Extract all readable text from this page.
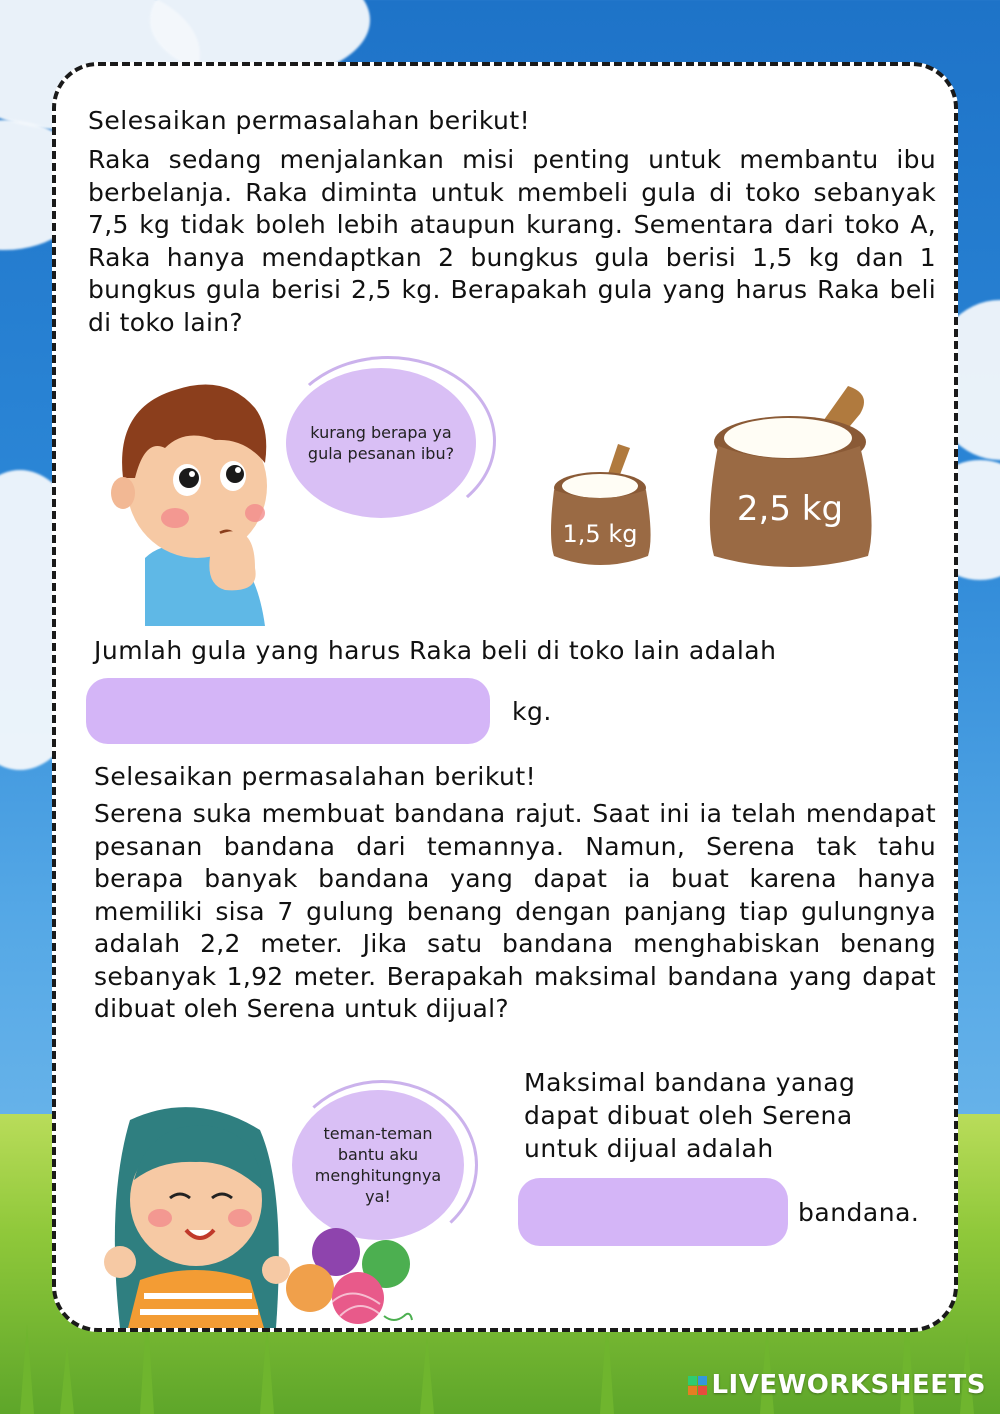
Selesaikan permasalahan berikut!
Raka sedang menjalankan misi penting untuk membantu ibu berbelanja. Raka diminta untuk membeli gula di toko sebanyak 7,5 kg tidak boleh lebih ataupun kurang. Sementara dari toko A, Raka hanya mendaptkan 2 bungkus gula berisi 1,5 kg dan 1 bungkus gula berisi 2,5 kg. Berapakah gula yang harus Raka beli di toko lain?
kurang berapa ya gula pesanan ibu?
1,5 kg
2,5 kg
Jumlah gula yang harus Raka beli di toko lain adalah
kg.
Selesaikan permasalahan berikut!
Serena suka membuat bandana rajut. Saat ini ia telah mendapat pesanan bandana dari temannya. Namun, Serena tak tahu berapa banyak bandana yang dapat ia buat karena hanya memiliki sisa 7 gulung benang dengan panjang tiap gulungnya adalah 2,2 meter. Jika satu bandana menghabiskan benang sebanyak 1,92 meter. Berapakah maksimal bandana yang dapat dibuat oleh Serena untuk dijual?
teman-teman bantu aku menghitungnya ya!
Maksimal bandana yanag dapat dibuat oleh Serena untuk dijual adalah
bandana.
LIVEWORKSHEETS
